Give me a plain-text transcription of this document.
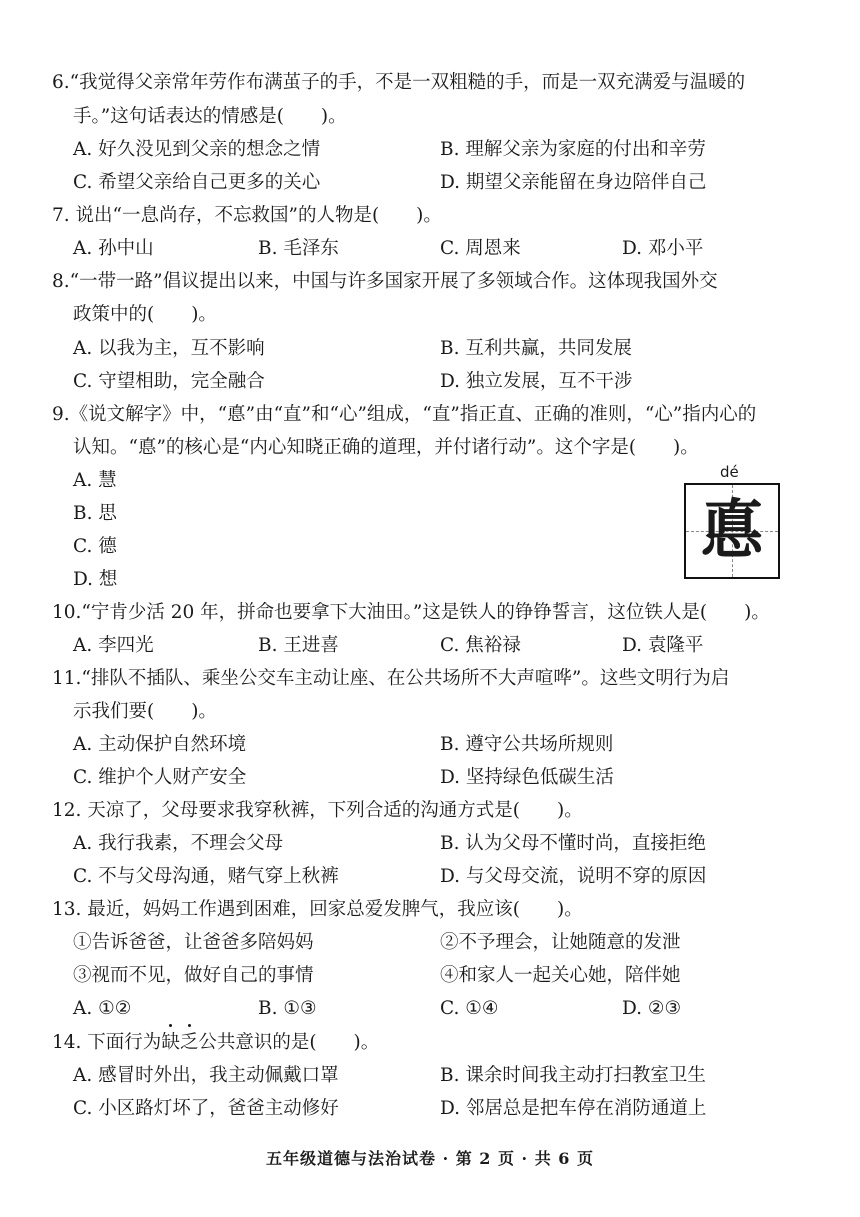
6.“我觉得父亲常年劳作布满茧子的手，不是一双粗糙的手，而是一双充满爱与温暖的
手。”这句话表达的情感是(　　)。
A. 好久没见到父亲的想念之情	B. 理解父亲为家庭的付出和辛劳
C. 希望父亲给自己更多的关心	D. 期望父亲能留在身边陪伴自己
7. 说出“一息尚存，不忘救国”的人物是(　　)。
A. 孙中山	B. 毛泽东	C. 周恩来	D. 邓小平
8.“一带一路”倡议提出以来，中国与许多国家开展了多领域合作。这体现我国外交
政策中的(　　)。
A. 以我为主，互不影响	B. 互利共赢，共同发展
C. 守望相助，完全融合	D. 独立发展，互不干涉
9.《说文解字》中，“悳”由“直”和“心”组成，“直”指正直、正确的准则，“心”指内心的
认知。“悳”的核心是“内心知晓正确的道理，并付诸行动”。这个字是(　　)。
A. 慧
B. 思
C. 德
D. 想
dé
悳
10.“宁肯少活 20 年，拼命也要拿下大油田。”这是铁人的铮铮誓言，这位铁人是(　　)。
A. 李四光	B. 王进喜	C. 焦裕禄	D. 袁隆平
11.“排队不插队、乘坐公交车主动让座、在公共场所不大声喧哗”。这些文明行为启
示我们要(　　)。
A. 主动保护自然环境	B. 遵守公共场所规则
C. 维护个人财产安全	D. 坚持绿色低碳生活
12. 天凉了，父母要求我穿秋裤，下列合适的沟通方式是(　　)。
A. 我行我素，不理会父母	B. 认为父母不懂时尚，直接拒绝
C. 不与父母沟通，赌气穿上秋裤	D. 与父母交流，说明不穿的原因
13. 最近，妈妈工作遇到困难，回家总爱发脾气，我应该(　　)。
①告诉爸爸，让爸爸多陪妈妈	②不予理会，让她随意的发泄
③视而不见，做好自己的事情	④和家人一起关心她，陪伴她
A. ①②	B. ①③	C. ①④	D. ②③
14. 下面行为
缺
乏公共意识的是(　　)。
A. 感冒时外出，我主动佩戴口罩	B. 课余时间我主动打扫教室卫生
C. 小区路灯坏了，爸爸主动修好	D. 邻居总是把车停在消防通道上
五年级道德与法治试卷 · 第 2 页 · 共 6 页
